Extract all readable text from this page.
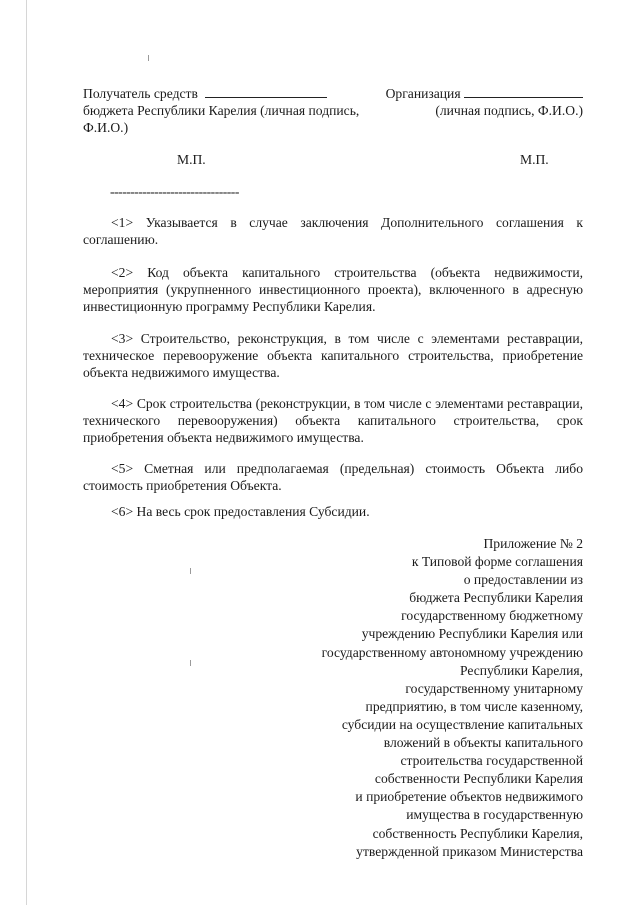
Получатель средств	Организация
бюджета Республики Карелия (личная подпись,	(личная подпись, Ф.И.О.)
Ф.И.О.)
М.П.	М.П.
--------------------------------

<1> Указывается в случае заключения Дополнительного соглашения к соглашению.

<2> Код объекта капитального строительства (объекта недвижимости, мероприятия (укрупненного инвестиционного проекта), включенного в адресную инвестиционную программу Республики Карелия.

<3> Строительство, реконструкция, в том числе с элементами реставрации, техническое перевооружение объекта капитального строительства, приобретение объекта недвижимого имущества.

<4> Срок строительства (реконструкции, в том числе с элементами реставрации, технического перевооружения) объекта капитального строительства, срок приобретения объекта недвижимого имущества.

<5> Сметная или предполагаемая (предельная) стоимость Объекта либо стоимость приобретения Объекта.

<6> На весь срок предоставления Субсидии.

Приложение № 2
к Типовой форме соглашения
о предоставлении из
бюджета Республики Карелия
государственному бюджетному
учреждению Республики Карелия или
государственному автономному учреждению
Республики Карелия,
государственному унитарному
предприятию, в том числе казенному,
субсидии на осуществление капитальных
вложений в объекты капитального
строительства государственной
собственности Республики Карелия
и приобретение объектов недвижимого
имущества в государственную
собственность Республики Карелия,
утвержденной приказом Министерства
